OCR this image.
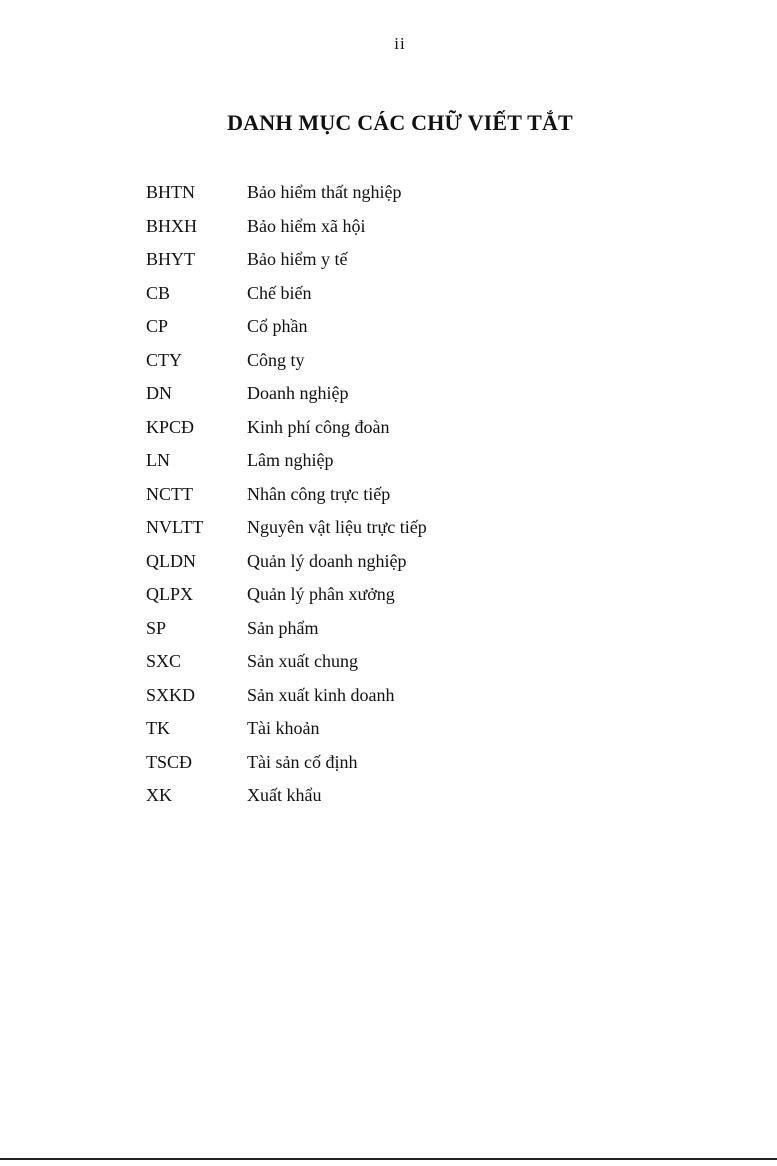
ii
DANH MỤC CÁC CHỮ VIẾT TẮT
BHTN	Bảo hiểm thất nghiệp
BHXH	Bảo hiểm xã hội
BHYT	Bảo hiểm y tế
CB	Chế biến
CP	Cổ phần
CTY	Công ty
DN	Doanh nghiệp
KPCĐ	Kinh phí công đoàn
LN	Lâm nghiệp
NCTT	Nhân công trực tiếp
NVLTT	Nguyên vật liệu trực tiếp
QLDN	Quản lý doanh nghiệp
QLPX	Quản lý phân xưởng
SP	Sản phẩm
SXC	Sản xuất chung
SXKD	Sản xuất kinh doanh
TK	Tài khoản
TSCĐ	Tài sản cố định
XK	Xuất khẩu
